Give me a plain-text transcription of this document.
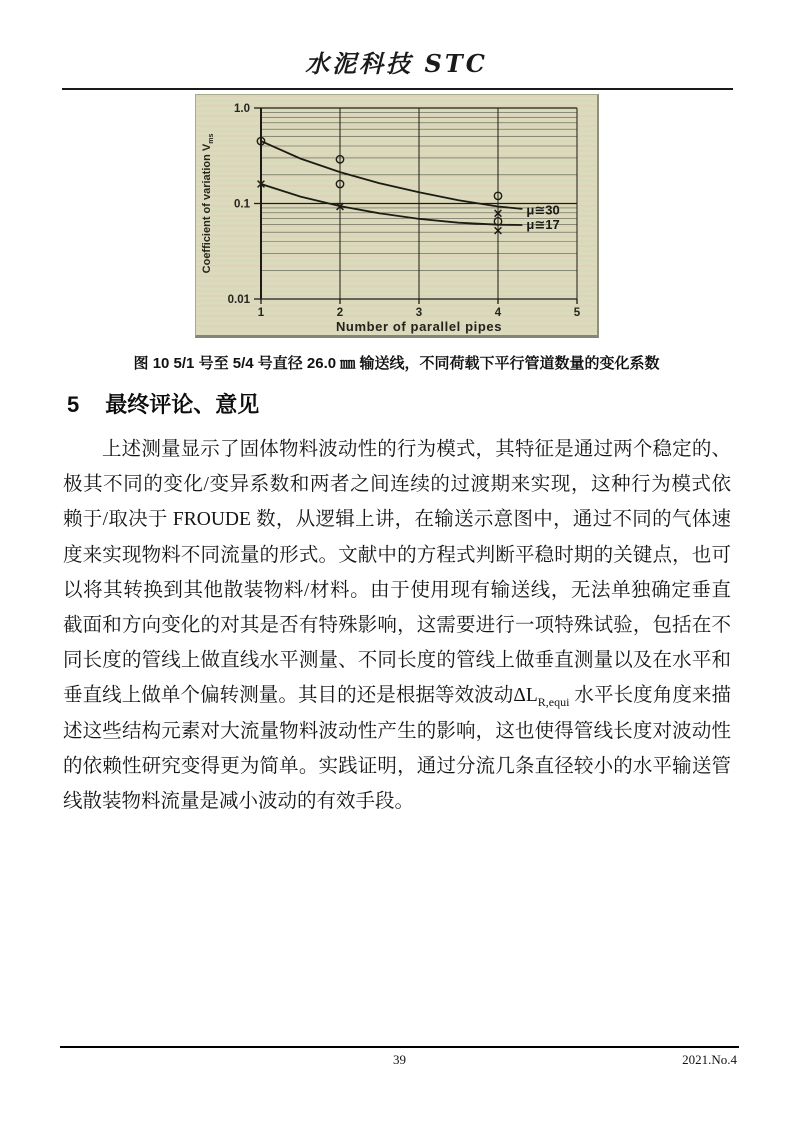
水泥科技 STC
1.0
0.1
0.01
1	2	3	4	5
Number of parallel pipes
Coefficient of variation $V_{ms}$
μ≅30
μ≅17
图 10 5/1 号至 5/4 号直径 26.0 ㎜ 输送线，不同荷载下平行管道数量的变化系数
5 最终评论、意见

上述测量显示了固体物料波动性的行为模式，其特征是通过两个稳定的、极其不同的变化/变异系数和两者之间连续的过渡期来实现，这种行为模式依赖于/取决于 FROUDE 数，从逻辑上讲，在输送示意图中，通过不同的气体速度来实现物料不同流量的形式。文献中的方程式判断平稳时期的关键点，也可以将其转换到其他散装物料/材料。由于使用现有输送线，无法单独确定垂直截面和方向变化的对其是否有特殊影响，这需要进行一项特殊试验，包括在不同长度的管线上做直线水平测量、不同长度的管线上做垂直测量以及在水平和垂直线上做单个偏转测量。其目的还是根据等效波动$\Delta L_{R,equi}$ 水平长度角度来描述这些结构元素对大流量物料波动性产生的影响，这也使得管线长度对波动性的依赖性研究变得更为简单。实践证明，通过分流几条直径较小的水平输送管线散装物料流量是减小波动的有效手段。

39	2021.No.4
